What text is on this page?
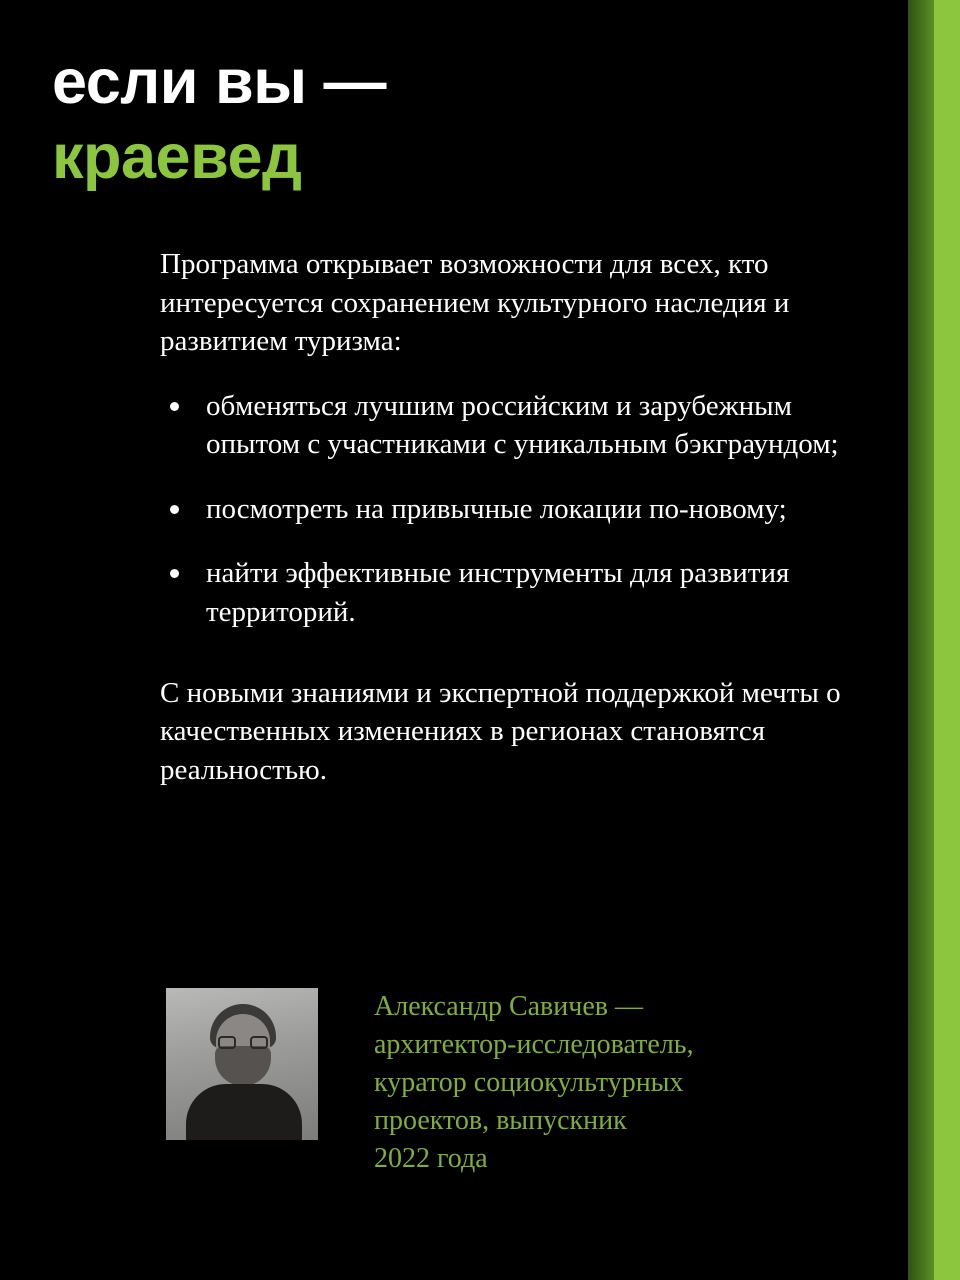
если вы —

краевед

Программа открывает возможности для всех, кто интересуется сохранением культурного наследия и развитием туризма:

обменяться лучшим российским и зарубежным опытом с участниками с уникальным бэкграундом;
посмотреть на привычные локации по-новому;
найти эффективные инструменты для развития территорий.

С новыми знаниями и экспертной поддержкой мечты о качественных изменениях в регионах становятся реальностью.

Александр Савичев —
архитектор-исследователь,
куратор социокультурных
проектов, выпускник
2022 года
